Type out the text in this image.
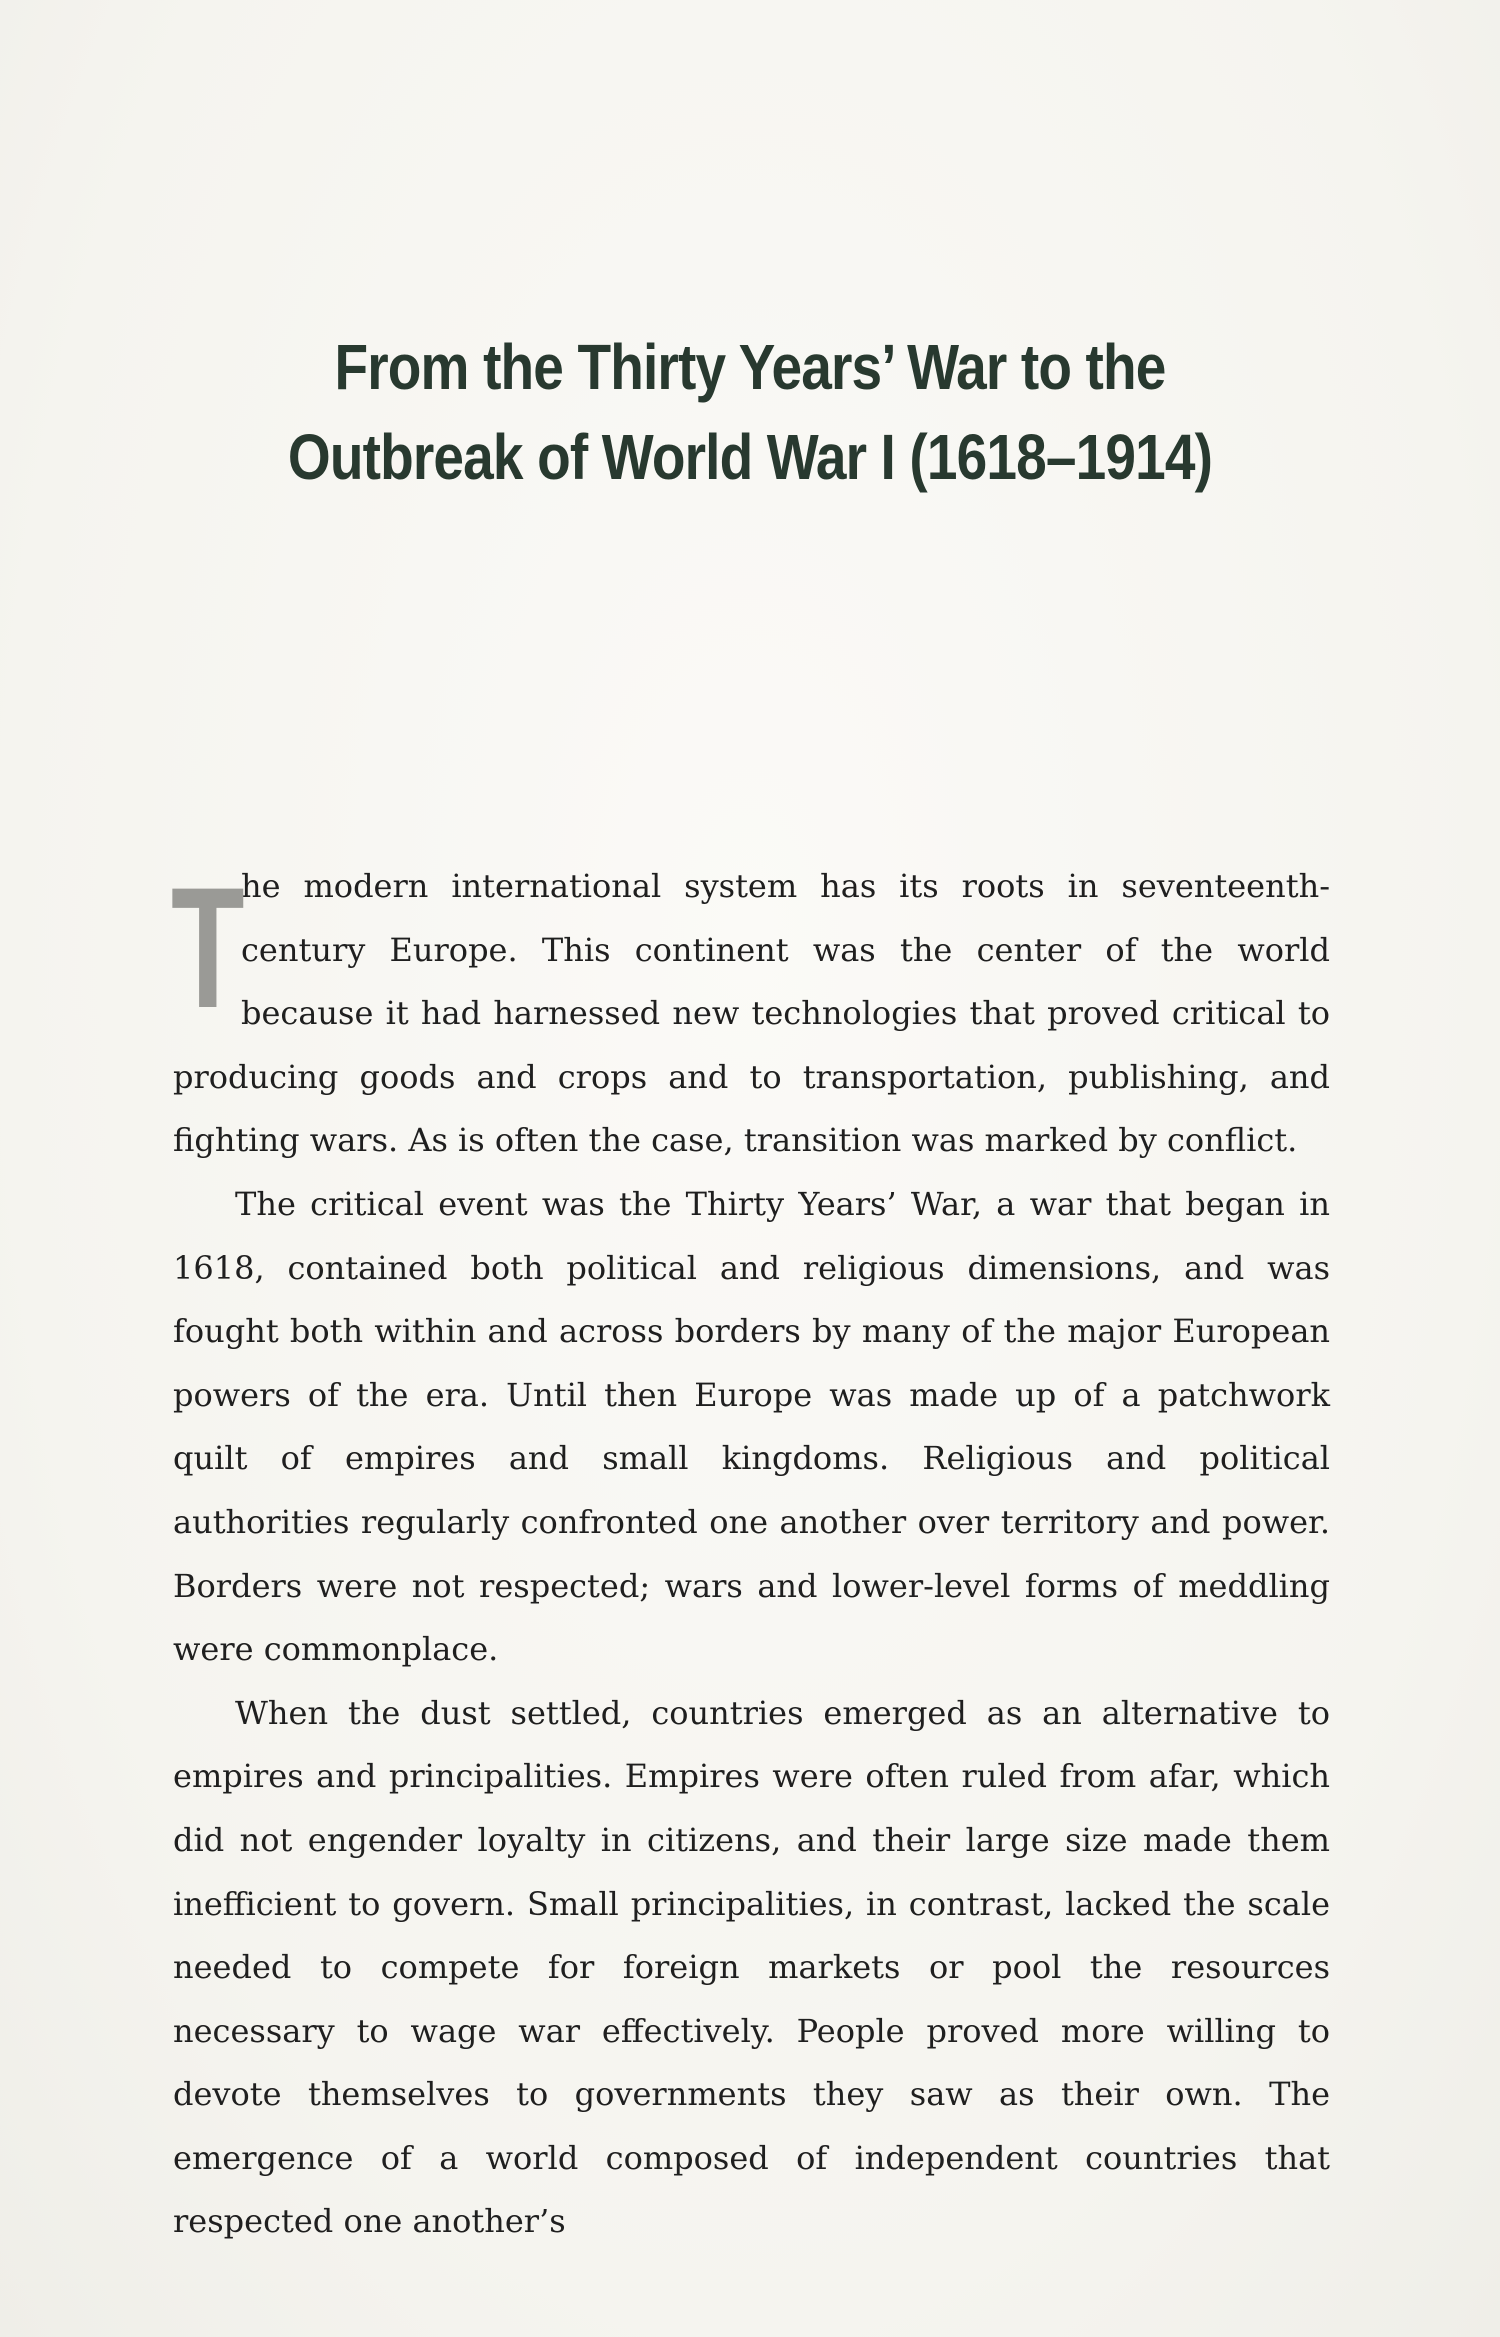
From the Thirty Years’ War to the
Outbreak of World War I (1618–1914)

T
he modern international system has its roots in seventeenth-century Europe. This continent was the center of the world because it had harnessed new technologies that proved critical to producing goods and crops and to transportation, publishing, and fighting wars. As is often the case, transition was marked by conflict.

The critical event was the Thirty Years’ War, a war that began in 1618, contained both political and religious dimensions, and was fought both within and across borders by many of the major European powers of the era. Until then Europe was made up of a patchwork quilt of empires and small kingdoms. Religious and political authorities regularly confronted one another over territory and power. Borders were not respected; wars and lower-level forms of meddling were commonplace.

When the dust settled, countries emerged as an alternative to empires and principalities. Empires were often ruled from afar, which did not engender loyalty in citizens, and their large size made them inefficient to govern. Small principalities, in contrast, lacked the scale needed to compete for foreign markets or pool the resources necessary to wage war effectively. People proved more willing to devote themselves to governments they saw as their own. The emergence of a world composed of independent countries that respected one another’s
